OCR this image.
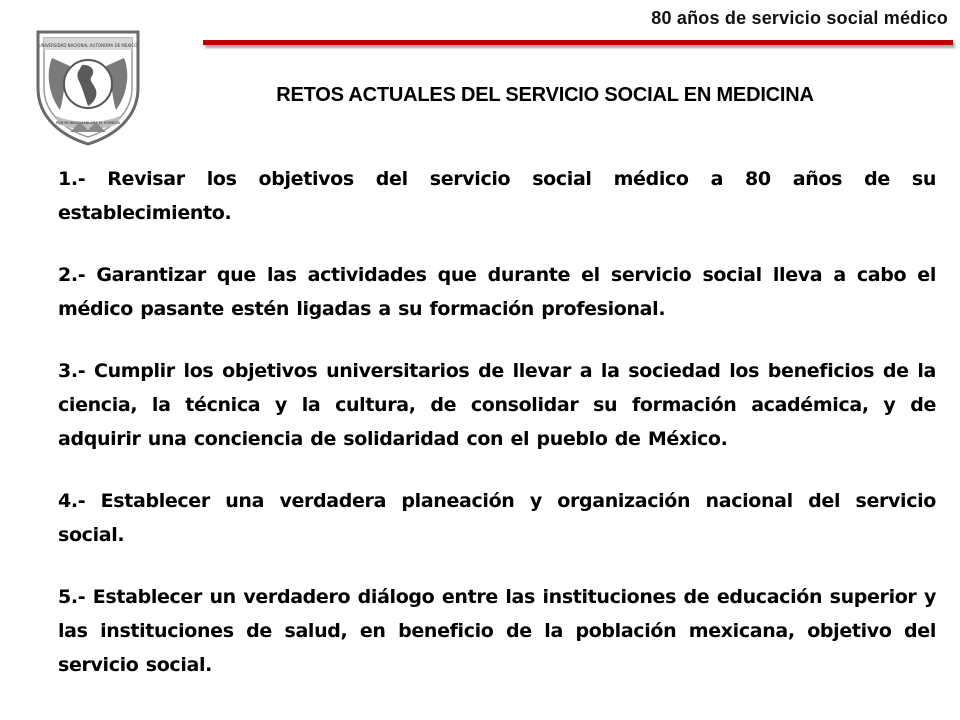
80 años de servicio social médico
UNIVERSIDAD NACIONAL AUTONOMA DE MEXICO
POR MI RAZA HABLARA EL ESPIRITU
RETOS ACTUALES DEL SERVICIO SOCIAL EN MEDICINA
1.- Revisar los objetivos del servicio social médico a 80 años de su establecimiento.
2.- Garantizar que las actividades que durante el servicio social lleva a cabo el médico pasante estén ligadas a su formación profesional.
3.- Cumplir los objetivos universitarios de llevar a la sociedad los beneficios de la ciencia, la técnica y la cultura, de consolidar su formación académica, y de adquirir una conciencia de solidaridad con el pueblo de México.
4.- Establecer una verdadera planeación y organización nacional del servicio social.
5.- Establecer un verdadero diálogo entre las instituciones de educación superior y las instituciones de salud, en beneficio de la población mexicana, objetivo del servicio social.
